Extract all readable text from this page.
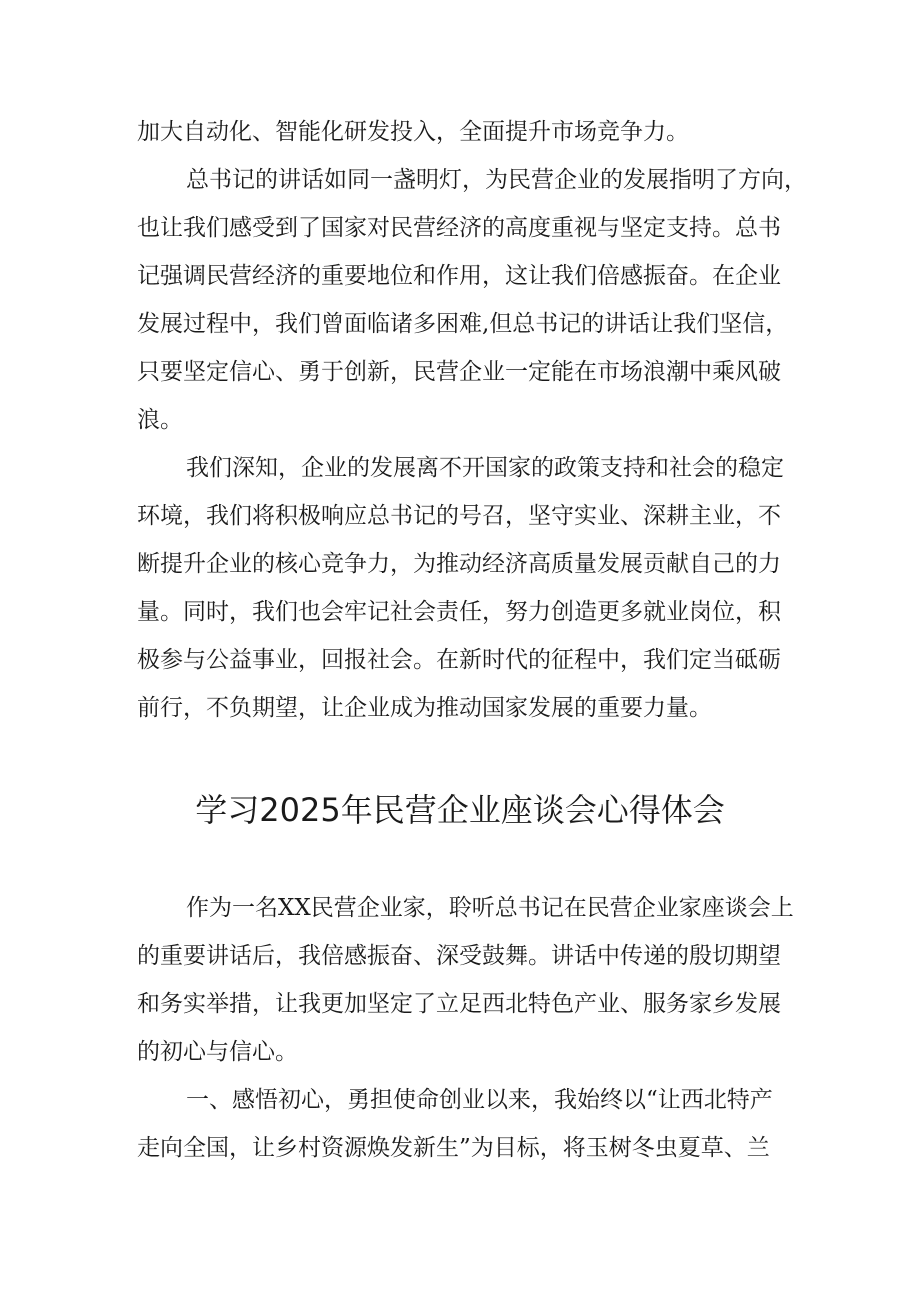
加大自动化、智能化研发投入，全面提升市场竞争力。
总书记的讲话如同一盏明灯，为民营企业的发展指明了方向，
也让我们感受到了国家对民营经济的高度重视与坚定支持。总书
记强调民营经济的重要地位和作用，这让我们倍感振奋。在企业
发展过程中，我们曾面临诸多困难,但总书记的讲话让我们坚信，
只要坚定信心、勇于创新，民营企业一定能在市场浪潮中乘风破
浪。
我们深知，企业的发展离不开国家的政策支持和社会的稳定
环境，我们将积极响应总书记的号召，坚守实业、深耕主业，不
断提升企业的核心竞争力，为推动经济高质量发展贡献自己的力
量。同时，我们也会牢记社会责任，努力创造更多就业岗位，积
极参与公益事业，回报社会。在新时代的征程中，我们定当砥砺
前行，不负期望，让企业成为推动国家发展的重要力量。
学习2025年民营企业座谈会心得体会
作为一名XX民营企业家，聆听总书记在民营企业家座谈会上
的重要讲话后，我倍感振奋、深受鼓舞。讲话中传递的殷切期望
和务实举措，让我更加坚定了立足西北特色产业、服务家乡发展
的初心与信心。
一、感悟初心，勇担使命创业以来，我始终以“让西北特产
走向全国，让乡村资源焕发新生”为目标，将玉树冬虫夏草、兰
